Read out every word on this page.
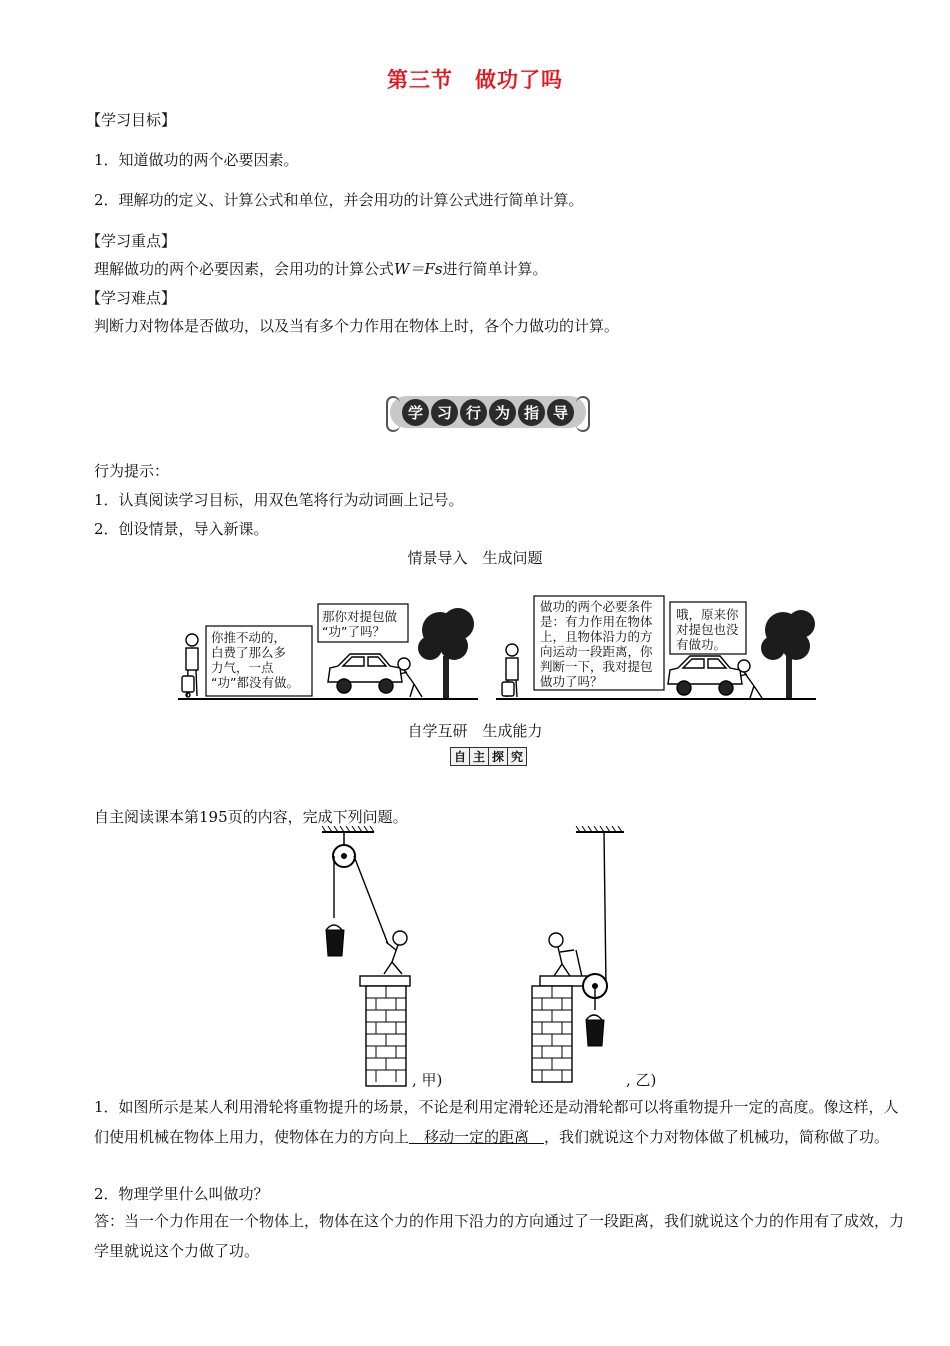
第三节　做功了吗
【学习目标】
1．知道做功的两个必要因素。
2．理解功的定义、计算公式和单位，并会用功的计算公式进行简单计算。
【学习重点】
理解做功的两个必要因素，会用功的计算公式W＝Fs进行简单计算。
【学习难点】
判断力对物体是否做功，以及当有多个力作用在物体上时，各个力做功的计算。
学 习 行 为 指 导
行为提示：
1．认真阅读学习目标，用双色笔将行为动词画上记号。
2．创设情景，导入新课。
情景导入　生成问题
你推不动的，
白费了那么多
力气，一点
“功”都没有做。
那你对提包做
“功”了吗？
做功的两个必要条件
是：有力作用在物体
上，且物体沿力的方
向运动一段距离，你
判断一下，我对提包
做功了吗？
哦，原来你
对提包也没
有做功。
自学互研　生成能力
自 主 探 究
自主阅读课本第195页的内容，完成下列问题。
, 甲)	, 乙)
1．如图所示是某人利用滑轮将重物提升的场景，不论是利用定滑轮还是动滑轮都可以将重物提升一定的高度。像这样，人们使用机械在物体上用力，使物体在力的方向上　移动一定的距离　，我们就说这个力对物体做了机械功，简称做了功。
2．物理学里什么叫做功？
答：当一个力作用在一个物体上，物体在这个力的作用下沿力的方向通过了一段距离，我们就说这个力的作用有了成效，力学里就说这个力做了功。
